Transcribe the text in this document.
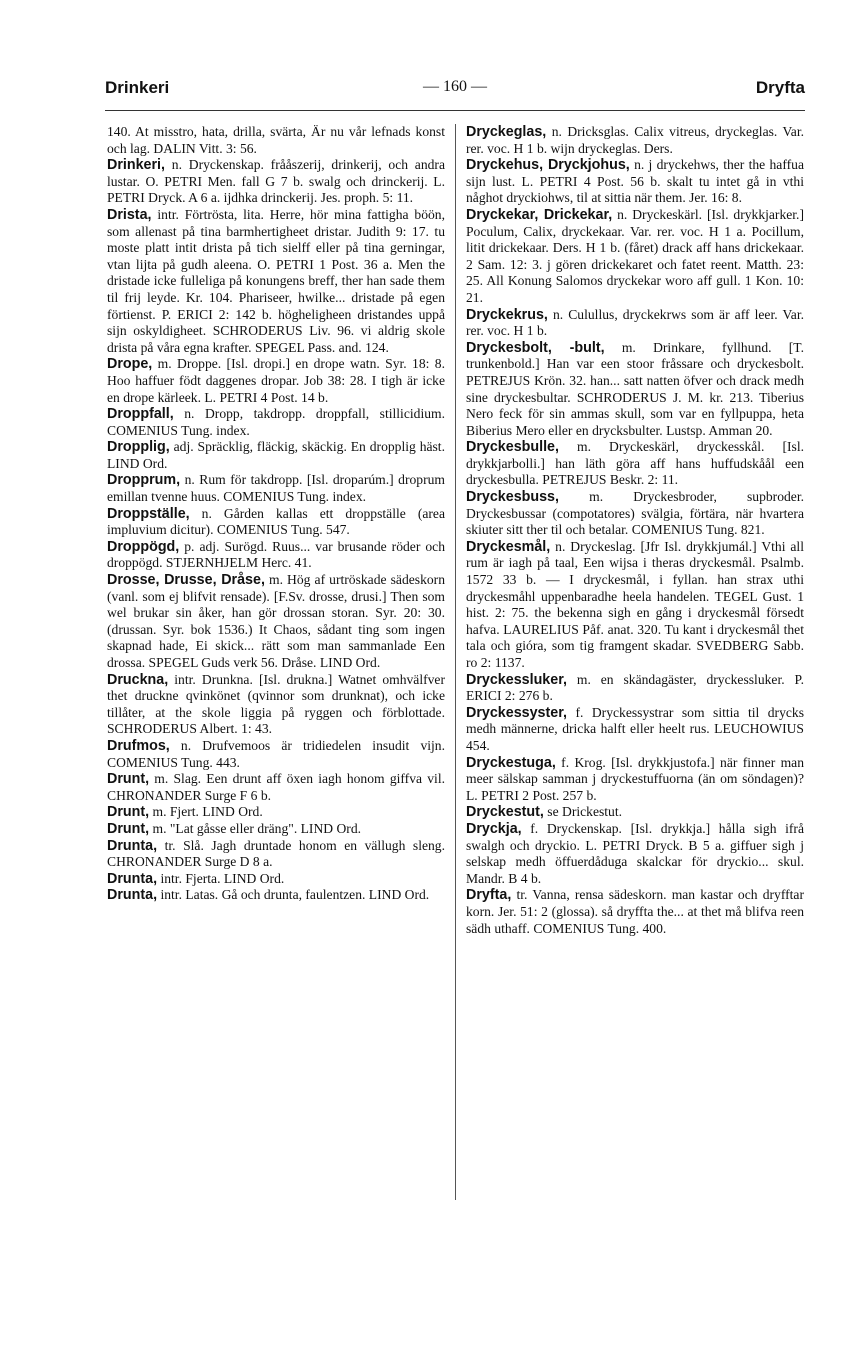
Drinkeri	— 160 —	Dryfta

140. At misstro, hata, drilla, svärta, Är nu vår lefnads konst och lag. DALIN Vitt. 3: 56.

Drinkeri, n. Dryckenskap. frååszerij, drinkerij, och andra lustar. O. PETRI Men. fall G 7 b. swalg och drinckerij. L. PETRI Dryck. A 6 a. ijdhka drinckerij. Jes. proph. 5: 11.

Drista, intr. Förtrösta, lita. Herre, hör mina fattigha böön, som allenast på tina barmhertigheet dristar. Judith 9: 17. tu moste platt intit drista på tich sielff eller på tina gerningar, vtan lijta på gudh aleena. O. PETRI 1 Post. 36 a. Men the dristade icke fulleliga på konungens breff, ther han sade them til frij leyde. Kr. 104. Phariseer, hwilke... dristade på egen förtienst. P. ERICI 2: 142 b. högheligheen dristandes uppå sijn oskyldigheet. SCHRODERUS Liv. 96. vi aldrig skole drista på våra egna krafter. SPEGEL Pass. and. 124.

Drope, m. Droppe. [Isl. dropi.] en drope watn. Syr. 18: 8. Hoo haffuer födt daggenes dropar. Job 38: 28. I tigh är icke en drope kärleek. L. PETRI 4 Post. 14 b.

Droppfall, n. Dropp, takdropp. droppfall, stillicidium. COMENIUS Tung. index.

Dropplig, adj. Spräcklig, fläckig, skäckig. En dropplig häst. LIND Ord.

Dropprum, n. Rum för takdropp. [Isl. droparúm.] droprum emillan tvenne huus. COMENIUS Tung. index.

Droppställe, n. Gården kallas ett droppställe (area impluvium dicitur). COMENIUS Tung. 547.

Droppögd, p. adj. Surögd. Ruus... var brusande röder och droppögd. STJERNHJELM Herc. 41.

Drosse, Drusse, Dråse, m. Hög af urtröskade sädeskorn (vanl. som ej blifvit rensade). [F.Sv. drosse, drusi.] Then som wel brukar sin åker, han gör drossan storan. Syr. 20: 30. (drussan. Syr. bok 1536.) It Chaos, sådant ting som ingen skapnad hade, Ei skick... rätt som man sammanlade Een drossa. SPEGEL Guds verk 56. Dråse. LIND Ord.

Druckna, intr. Drunkna. [Isl. drukna.] Watnet omhvälfver thet druckne qvinkönet (qvinnor som drunknat), och icke tillåter, at the skole liggia på ryggen och förblottade. SCHRODERUS Albert. 1: 43.

Drufmos, n. Drufvemoos är tridiedelen insudit vijn. COMENIUS Tung. 443.

Drunt, m. Slag. Een drunt aff öxen iagh honom giffva vil. CHRONANDER Surge F 6 b.

Drunt, m. Fjert. LIND Ord.

Drunt, m. "Lat gåsse eller dräng". LIND Ord.

Drunta, tr. Slå. Jagh druntade honom en vällugh sleng. CHRONANDER Surge D 8 a.

Drunta, intr. Fjerta. LIND Ord.

Drunta, intr. Latas. Gå och drunta, faulentzen. LIND Ord.

Dryckeglas, n. Dricksglas. Calix vitreus, dryckeglas. Var. rer. voc. H 1 b. wijn dryckeglas. Ders.

Dryckehus, Dryckjohus, n. j dryckehws, ther the haffua sijn lust. L. PETRI 4 Post. 56 b. skalt tu intet gå in vthi någhot dryckiohws, til at sittia när them. Jer. 16: 8.

Dryckekar, Drickekar, n. Dryckeskärl. [Isl. drykkjarker.] Poculum, Calix, dryckekaar. Var. rer. voc. H 1 a. Pocillum, litit drickekaar. Ders. H 1 b. (fåret) drack aff hans drickekaar. 2 Sam. 12: 3. j gören drickekaret och fatet reent. Matth. 23: 25. All Konung Salomos dryckekar woro aff gull. 1 Kon. 10: 21.

Dryckekrus, n. Culullus, dryckekrws som är aff leer. Var. rer. voc. H 1 b.

Dryckesbolt, -bult, m. Drinkare, fyllhund. [T. trunkenbold.] Han var een stoor fråssare och dryckesbolt. PETREJUS Krön. 32. han... satt natten öfver och drack medh sine dryckesbultar. SCHRODERUS J. M. kr. 213. Tiberius Nero feck för sin ammas skull, som var en fyllpuppa, heta Biberius Mero eller en drycksbulter. Lustsp. Amman 20.

Dryckesbulle, m. Dryckeskärl, dryckesskål. [Isl. drykkjarbolli.] han läth göra aff hans huffudskåål een dryckesbulla. PETREJUS Beskr. 2: 11.

Dryckesbuss, m. Dryckesbroder, supbroder. Dryckesbussar (compotatores) svälgia, förtära, när hvartera skiuter sitt ther til och betalar. COMENIUS Tung. 821.

Dryckesmål, n. Dryckeslag. [Jfr Isl. drykkjumál.] Vthi all rum är iagh på taal, Een wijsa i theras dryckesmål. Psalmb. 1572 33 b. — I dryckesmål, i fyllan. han strax uthi dryckesmåhl uppenbaradhe heela handelen. TEGEL Gust. 1 hist. 2: 75. the bekenna sigh en gång i dryckesmål försedt hafva. LAURELIUS Påf. anat. 320. Tu kant i dryckesmål thet tala och gióra, som tig framgent skadar. SVEDBERG Sabb. ro 2: 1137.

Dryckessluker, m. en skändagäster, dryckessluker. P. ERICI 2: 276 b.

Dryckessyster, f. Dryckessystrar som sittia til drycks medh männerne, dricka halft eller heelt rus. LEUCHOWIUS 454.

Dryckestuga, f. Krog. [Isl. drykkjustofa.] när finner man meer sälskap samman j dryckestuffuorna (än om söndagen)? L. PETRI 2 Post. 257 b.

Dryckestut, se Drickestut.

Dryckja, f. Dryckenskap. [Isl. drykkja.] hålla sigh ifrå swalgh och dryckio. L. PETRI Dryck. B 5 a. giffuer sigh j selskap medh öffuerdåduga skalckar för dryckio... skul. Mandr. B 4 b.

Dryfta, tr. Vanna, rensa sädeskorn. man kastar och dryfftar korn. Jer. 51: 2 (glossa). så dryffta the... at thet må blifva reen sädh uthaff. COMENIUS Tung. 400.
